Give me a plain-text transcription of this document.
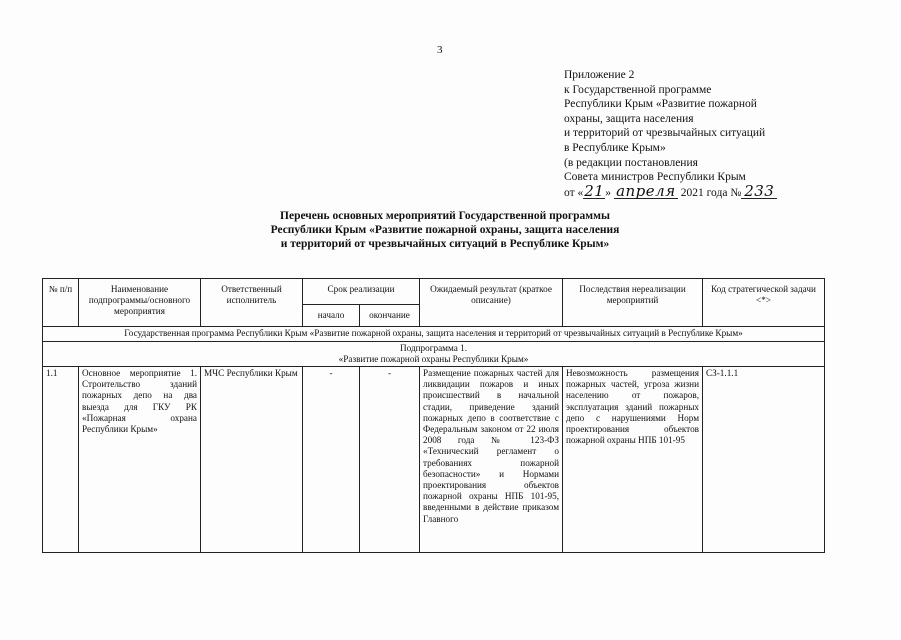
3
Приложение 2
к Государственной программе
Республики Крым «Развитие пожарной
охраны, защита населения
и территорий от чрезвычайных ситуаций
в Республике Крым»
(в редакции постановления
Совета министров Республики Крым
от «21» апреля 2021 года № 233
Перечень основных мероприятий Государственной программы
Республики Крым «Развитие пожарной охраны, защита населения
и территорий от чрезвычайных ситуаций в Республике Крым»
№ п/п	Наименование подпрограммы/основного мероприятия	Ответственный исполнитель	Срок реализации		Ожидаемый результат (краткое описание)	Последствия нереализации мероприятий	Код стратегической задачи <*>
			начало	окончание			
Государственная программа Республики Крым «Развитие пожарной охраны, защита населения и территорий от чрезвычайных ситуаций в Республике Крым»							

Подпрограмма 1.
«Развитие пожарной охраны Республики Крым»							

1.1	Основное мероприятие 1. Строительство зданий пожарных депо на два выезда для ГКУ РК «Пожарная охрана Республики Крым»	МЧС Республики Крым	-	-	Размещение пожарных частей для ликвидации пожаров и иных происшествий в начальной стадии, приведение зданий пожарных депо в соответствие с Федеральным законом от 22 июля 2008 года № 123-ФЗ «Технический регламент о требованиях пожарной безопасности» и Нормами проектирования объектов пожарной охраны НПБ 101-95, введенными в действие приказом Главного	Невозможность размещения пожарных частей, угроза жизни населению от пожаров, эксплуатация зданий пожарных депо с нарушениями Норм проектирования объектов пожарной охраны НПБ 101-95	СЗ-1.1.1
